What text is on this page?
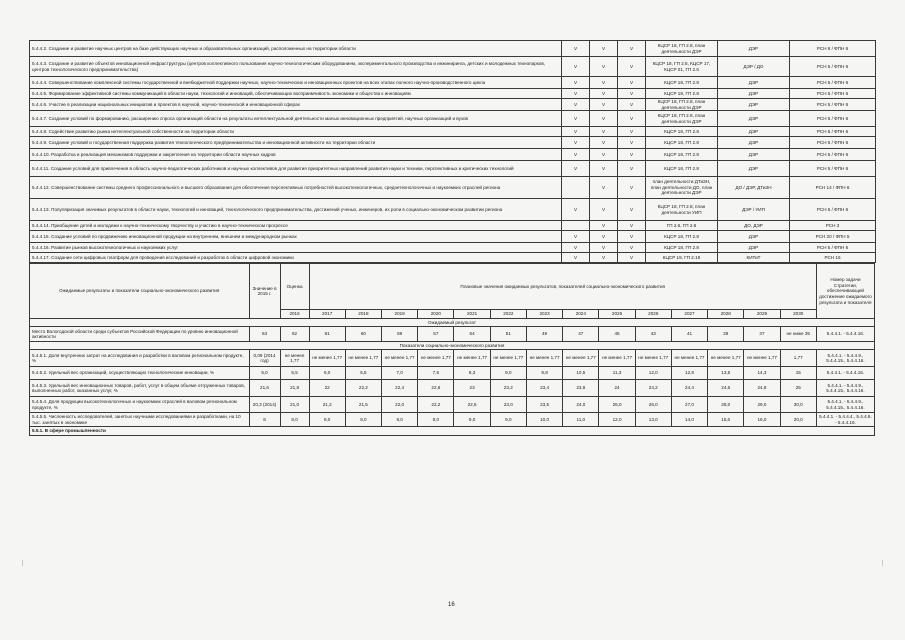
5.4.4.2. Создание и развитие научных центров на базе действующих научных и образовательных организаций, расположенных на территории области	V	V	V	КЦСР 18, ГП 2.8, план деятельности ДЭР	ДЭР	РСН 6 / ФПН 6
5.4.4.3. Создание и развитие объектов инновационной инфраструктуры (центров коллективного пользования научно-технологическим оборудованием, экспериментального производства и инжиниринга, детских и молодежных технопарков, центров технологического предпринимательства)	V	V	V	КЦСР 18, ГП 2.8, КЦСР 17, КЦСР 01, ГП 2.6	ДЭР / ДО	РСН 5 / ФПН 6
5.4.4.4. Совершенствование комплексной системы государственной и внебюджетной поддержки научных, научно-технических и инновационных проектов на всех этапах полного научно-производственного цикла	V	V	V	КЦСР 18, ГП 2.8	ДЭР	РСН 5 / ФПН 6
5.4.4.5. Формирование эффективной системы коммуникаций в области науки, технологий и инноваций, обеспечивающих восприимчивость экономики и общества к инновациям	V	V	V	КЦСР 18, ГП 2.8	ДЭР	РСН 5 / ФПН 6
5.4.4.6. Участие в реализации национальных инициатив и проектов в научной, научно-технической и инновационной сферах	V	V	V	КЦСР 18, ГП 2.8, план деятельности ДЭР	ДЭР	РСН 5 / ФПН 6
5.4.4.7. Создание условий по формированию, расширению спроса организаций области на результаты интеллектуальной деятельности малых инновационных предприятий, научных организаций и вузов	V	V	V	КЦСР 18, ГП 2.8, план деятельности ДЭР	ДЭР	РСН 5 / ФПН 6
5.4.4.8. Содействие развитию рынка интеллектуальной собственности на территории области	V	V	V	КЦСР 18, ГП 2.8	ДЭР	РСН 5 / ФПН 6
5.4.4.9. Создание условий и государственная поддержка развития технологического предпринимательства и инновационной активности на территории области	V	V	V	КЦСР 18, ГП 2.8	ДЭР	РСН 5 / ФПН 6
5.4.4.10. Разработка и реализация механизмов поддержки и закрепления на территории области научных кадров	V	V	V	КЦСР 18, ГП 2.8	ДЭР	РСН 5 / ФПН 6
5.4.4.11. Создание условий для привлечения в область научно-педагогических работников и научных коллективов для развития приоритетных направлений развития науки и техники, перспективных и критических технологий	V	V	V	КЦСР 18, ГП 2.8	ДЭР	РСН 5 / ФПН 6
5.4.4.12. Совершенствование системы среднего профессионального и высшего образования для обеспечения перспективных потребностей высокотехнологичных, среднетехнологичных и наукоемких отраслей региона		V	V	план деятельности ДТиЗН, план деятельности ДО, план деятельности ДЭР	ДО / ДЭР, ДТиЗН	РСН 14 / ФПН 6
5.4.4.13. Популяризация значимых результатов в области науки, технологий и инноваций, технологического предпринимательства, достижений ученых, инженеров, их роли в социально-экономическом развитии региона	V	V	V	КЦСР 18, ГП 2.8, план деятельности УИП	ДЭР / УИП	РСН 5 / ФПН 6
5.4.4.14. Приобщение детей и молодежи к научно-техническому творчеству и участию в научно-техническом прогрессе		V	V	ГП 2.6, ГП 2.8	ДО, ДЭР	РСН 3
5.4.4.15. Создание условий по продвижению инновационной продукции на внутреннем, внешнем и международном рынках	V	V	V	КЦСР 18, ГП 2.8	ДЭР	РСН 20 / ФПН 5
5.4.4.16. Развитие рынков высокотехнологичных и наукоемких услуг	V	V	V	КЦСР 18, ГП 2.8	ДЭР	РСН 5 / ФПН 6
5.4.4.17. Создание сети цифровых платформ для проведения исследований и разработок в области цифровой экономики	V	V	V	КЦСР 19, ГП 2.19	КИТиТ	РСН 16
Ожидаемые результаты и показатели социально-экономического развития	Значение в 2015 г.	Оценка	Плановые значения ожидаемых результатов, показателей социально-экономического развития														Номер задачи Стратегии, обеспечивающей достижение ожидаемого результата и показателя
		2016	2017	2018	2019	2020	2021	2022	2023	2024	2025	2026	2027	2028	2029	2030	
Ожидаемый результат																	
Место Вологодской области среди субъектов Российской Федерации по уровню инновационной активности	63	62	61	60	59	57	54	51	49	47	45	43	41	39	37	не ниже 35	5.4.4.1. - 5.4.4.16.
Показатели социально-экономического развития																	
5.4.5.1. Доля внутренних затрат на исследования и разработки в валовом региональном продукте, %	0,09 (2014 год)	не менее 1,77	не менее 1,77	не менее 1,77	не менее 1,77	не менее 1,77	не менее 1,77	не менее 1,77	не менее 1,77	не менее 1,77	не менее 1,77	не менее 1,77	не менее 1,77	не менее 1,77	не менее 1,77	1,77	5.4.4.1. - 5.4.4.9., 5.4.4.15., 5.4.4.16.
5.4.5.2. Удельный вес организаций, осуществляющих технологические инновации, %	5,0	5,5	6,0	6,5	7,0	7,5	8,3	9,0	9,8	10,5	11,3	12,0	12,8	13,5	14,3	15	5.4.4.1. - 5.4.4.16.
5.4.5.3. Удельный вес инновационных товаров, работ, услуг в общем объеме отгруженных товаров, выполненных работ, оказанных услуг, %	21,6	21,8	22	22,2	22,4	22,6	23	23,2	23,4	23,6	24	24,2	24,4	24,6	24,8	25	5.4.4.1. - 5.4.4.9., 5.4.4.15., 5.4.4.16.
5.4.5.4. Доля продукции высокотехнологичных и наукоемких отраслей в валовом региональном продукте, %	20,3 (2014)	21,0	21,2	21,5	22,0	22,2	22,5	23,0	23,5	24,0	25,0	26,0	27,0	28,0	29,0	30,0	5.4.4.1. - 5.4.4.9., 5.4.4.15., 5.4.4.16.
5.4.5.5. Численность исследователей, занятых научными исследованиями и разработками, на 10 тыс. занятых в экономике	8	8,0	8,0	8,0	8,0	8,0	9,0	9,0	10,0	11,0	12,0	13,0	14,0	15,0	16,0	20,0	5.4.4.1. - 5.4.4.4., 5.4.4.6. - 5.4.4.16.
5.5.1. В сфере промышленности																	
16
